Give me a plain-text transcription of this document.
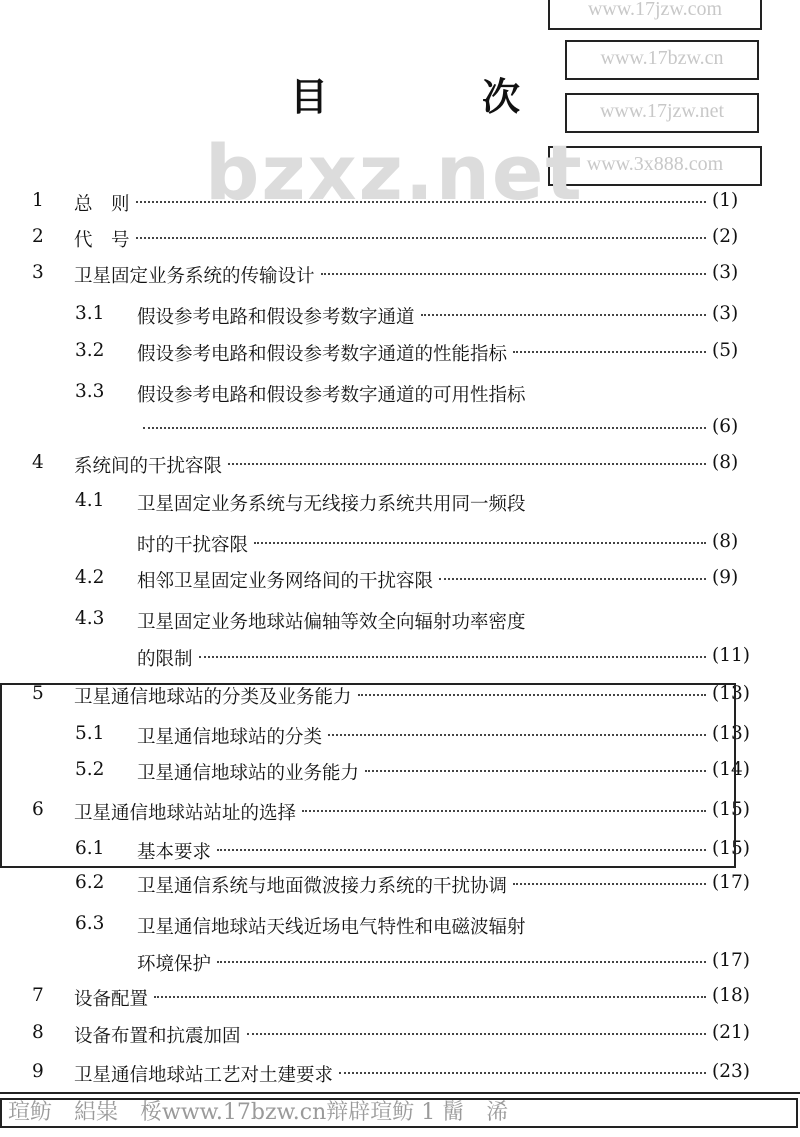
www.17jzw.com
www.17bzw.cn
www.17jzw.net
www.3x888.com
bzxz.net
目	次
1 总　则	(1)
2 代　号	(2)
3 卫星固定业务系统的传输设计	(3)
3.1 假设参考电路和假设参考数字通道	(3)
3.2 假设参考电路和假设参考数字通道的性能指标	(5)
3.3 假设参考电路和假设参考数字通道的可用性指标
(6)
4 系统间的干扰容限	(8)
4.1 卫星固定业务系统与无线接力系统共用同一频段
时的干扰容限	(8)
4.2 相邻卫星固定业务网络间的干扰容限	(9)
4.3 卫星固定业务地球站偏轴等效全向辐射功率密度
的限制	(11)
5 卫星通信地球站的分类及业务能力	(13)
5.1 卫星通信地球站的分类	(13)
5.2 卫星通信地球站的业务能力	(14)
6 卫星通信地球站站址的选择	(15)
6.1 基本要求	(15)
6.2 卫星通信系统与地面微波接力系统的干扰协调	(17)
6.3 卫星通信地球站天线近场电气特性和电磁波辐射
环境保护	(17)
7 设备配置	(18)
8 设备布置和抗震加固	(21)
9 卫星通信地球站工艺对土建要求	(23)
瑄鲂　絽粜　桵www.17bzw.cn辩辟瑄鲂 1 鬝　浠
